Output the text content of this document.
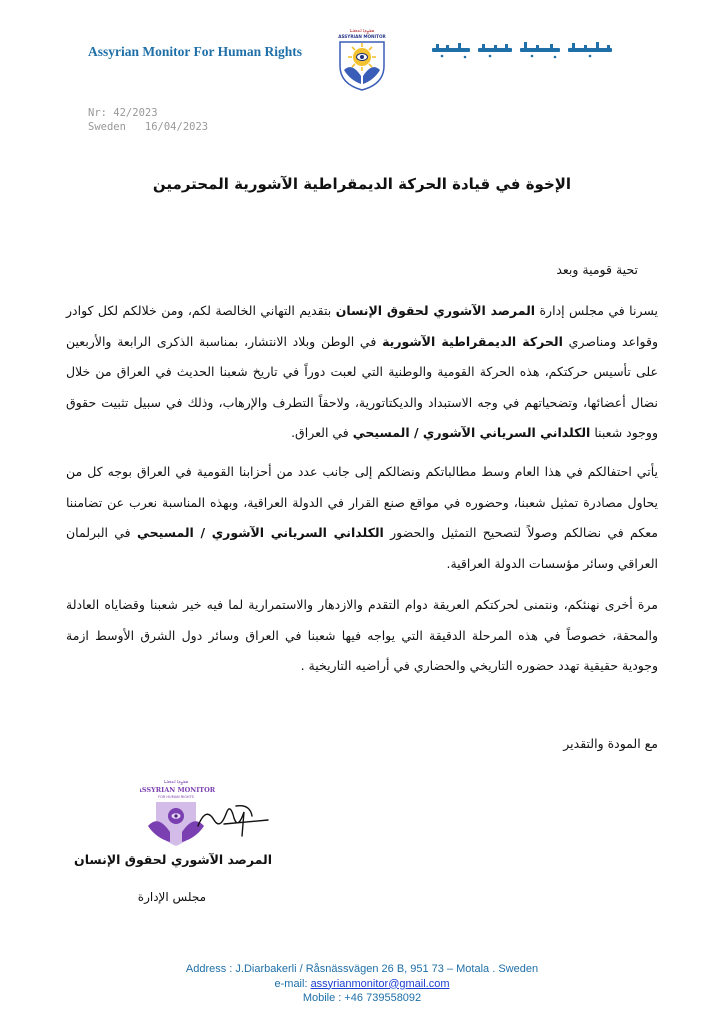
Assyrian Monitor For Human Rights
ܡܪܨܕܐ ܐܬܘܪܝܐ
ASSYRIAN MONITOR
Nr: 42/2023
Sweden   16/04/2023
الإخوة في قيادة الحركة الديمقراطية الآشورية المحترمين
تحية قومية وبعد
يسرنا في مجلس إدارة المرصد الآشوري لحقوق الإنسان بتقديم التهاني الخالصة لكم، ومن خلالكم لكل كوادر وقواعد ومناصري الحركة الديمقراطية الآشورية في الوطن وبلاد الانتشار، بمناسبة الذكرى الرابعة والأربعين على تأسيس حركتكم، هذه الحركة القومية والوطنية التي لعبت دوراً في تاريخ شعبنا الحديث في العراق من خلال نضال أعضائها، وتضحياتهم في وجه الاستبداد والديكتاتورية، ولاحقاً التطرف والإرهاب، وذلك في سبيل تثبيت حقوق ووجود شعبنا الكلداني السرياني الآشوري / المسيحي في العراق.
يأتي احتفالكم في هذا العام وسط مطالباتكم ونضالكم إلى جانب عدد من أحزابنا القومية في العراق بوجه كل من يحاول مصادرة تمثيل شعبنا، وحضوره في مواقع صنع القرار في الدولة العراقية، وبهذه المناسبة نعرب عن تضامننا معكم في نضالكم وصولاً لتصحيح التمثيل والحضور الكلداني السرياني الآشوري / المسيحي في البرلمان العراقي وسائر مؤسسات الدولة العراقية.
مرة أخرى نهنئكم، ونتمنى لحركتكم العريقة دوام التقدم والازدهار والاستمرارية لما فيه خير شعبنا وقضاياه العادلة والمحقة، خصوصاً في هذه المرحلة الدقيقة التي يواجه فيها شعبنا في العراق وسائر دول الشرق الأوسط ازمة وجودية حقيقية تهدد حضوره التاريخي والحضاري في أراضيه التاريخية .
مع المودة والتقدير
ܡܪܨܕܐ ܐܬܘܪܝܐ
ASSYRIAN MONITOR
FOR HUMAN RIGHTS
المرصد الآشوري لحقوق الإنسان
مجلس الإدارة
Address : J.Diarbakerli / Råsnässvägen 26 B, 951 73 – Motala . Sweden
e-mail: assyrianmonitor@gmail.com
Mobile : +46 739558092
